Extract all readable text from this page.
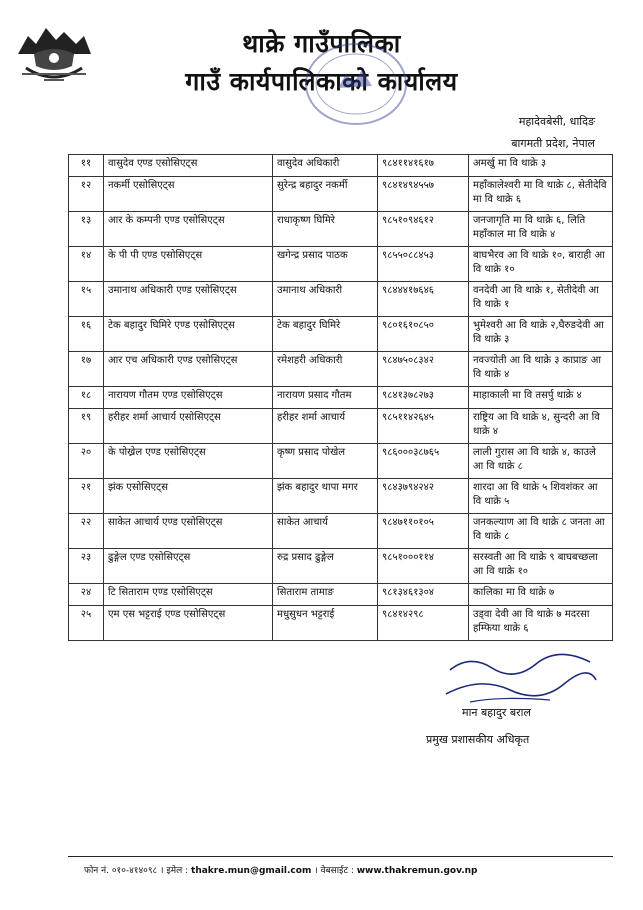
थाक्रे गाउँपालिका
गाउँ कार्यपालिकाको कार्यालय
महादेवबेसी, धादिङ
बागमती प्रदेश, नेपाल
११	वासुदेव एण्ड एसोसिएट्स	वासुदेव अधिकारी	९८४११४१६१७	अमर्खु मा वि थाक्रे ३
१२	नकर्मी एसोसिएट्स	सुरेन्द्र बहादुर नकर्मी	९८४१४९४५५७	महाँकालेश्वरी मा वि थाक्रे ८, सेतीदेवि मा वि थाक्रे ६
१३	आर के कम्पनी एण्ड एसोसिएट्स	राधाकृष्ण घिमिरे	९८५१०९४६१२	जनजागृति मा वि थाक्रे ६, लिति महाँकाल मा वि थाक्रे ४
१४	के पी पी एण्ड एसोसिएट्स	खगेन्द्र प्रसाद पाठक	९८५५०८८४५३	बाघभैरव आ वि थाक्रे १०, बाराही आ वि थाक्रे १०
१५	उमानाथ अधिकारी एण्ड एसोसिएट्स	उमानाथ अधिकारी	९८४४४१७६४६	वनदेवी आ वि थाक्रे १, सेतीदेवी आ वि थाक्रे १
१६	टेक बहादुर घिमिरे एण्ड एसोसिएट्स	टेक बहादुर घिमिरे	९८०१६१०८५०	भुमेश्वरी आ वि थाक्रे २,घैरुङदेवी आ वि थाक्रे ३
१७	आर एच अधिकारी एण्ड एसोसिएट्स	रमेशहरी अधिकारी	९८४७५०८३४२	नवज्योती आ वि थाक्रे ३ काप्राङ आ वि थाक्रे ४
१८	नारायण गौतम एण्ड एसोसिएट्स	नारायण प्रसाद गौतम	९८४१३७८२७३	माहाकाली मा वि तसर्पु थाक्रे ४
१९	हरीहर शर्मा आचार्य एसोसिएट्स	हरीहर शर्मा आचार्य	९८५११४२६४५	राष्ट्रिय आ वि थाक्रे ४, सुन्दरी आ वि थाक्रे ४
२०	के पोख्रेल एण्ड एसोसिएट्स	कृष्ण प्रसाद पोखेल	९८६०००३८७६५	लाली गुरास आ वि थाक्रे ४, काउले आ वि थाक्रे ८
२१	झंक एसोसिएट्स	झंक बहादुर थापा मगर	९८४३७९४२४२	शारदा आ वि थाक्रे ५ शिवशंकर आ वि थाक्रे ५
२२	साकेत आचार्य एण्ड एसोसिएट्स	साकेत आचार्य	९८४७११०१०५	जनकल्याण आ वि थाक्रे ८ जनता आ वि थाक्रे ८
२३	ढुङ्गेल एण्ड एसोसिएट्स	रुद्र प्रसाद ढुङ्गेल	९८५१०००११४	सरस्वती आ वि थाक्रे ९ बाघबच्छला आ वि थाक्रे १०
२४	टि सिताराम एण्ड एसोसिएट्स	सिताराम तामाङ	९८१३४६१३०४	कालिका मा वि थाक्रे ७
२५	एम एस भट्टराई एण्ड एसोसिएट्स	मधुसुधन भट्टराई	९८४१४२९८	उड्वा देवी आ वि थाक्रे ७ मदरसा हम्फिया थाक्रे ६
मान बहादुर बराल
प्रमुख प्रशासकीय अधिकृत
फोन नं. ०१०-४१४०९८ । इमेल : thakre.mun@gmail.com । वेबसाईट : www.thakremun.gov.np
